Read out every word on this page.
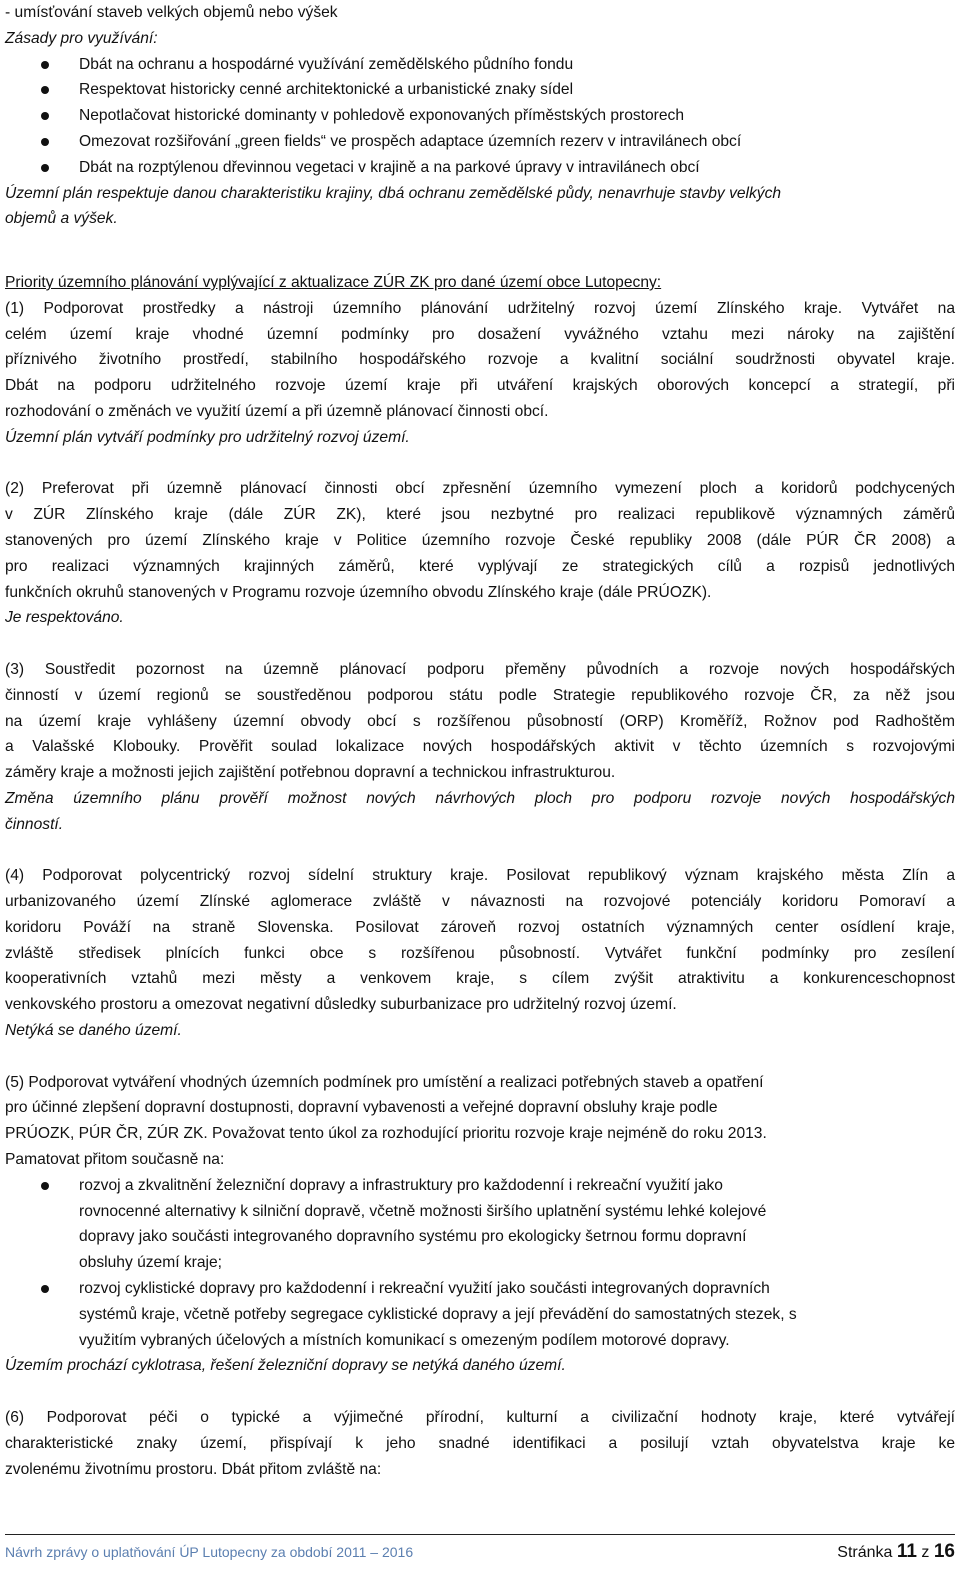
- umísťování staveb velkých objemů nebo výšek
Zásady pro využívání:
Dbát na ochranu a hospodárné využívání zemědělského půdního fondu
Respektovat historicky cenné architektonické a urbanistické znaky sídel
Nepotlačovat historické dominanty v pohledově exponovaných příměstských prostorech
Omezovat rozšiřování „green fields“ ve prospěch adaptace územních rezerv v intravilánech obcí
Dbát na rozptýlenou dřevinnou vegetaci v krajině a na parkové úpravy v intravilánech obcí
Územní plán respektuje danou charakteristiku krajiny, dbá ochranu zemědělské půdy, nenavrhuje stavby velkých
objemů a výšek.
Priority územního plánování vyplývající z aktualizace ZÚR ZK pro dané území obce Lutopecny:
(1) Podporovat prostředky a nástroji územního plánování udržitelný rozvoj území Zlínského kraje. Vytvářet na
celém území kraje vhodné územní podmínky pro dosažení vyvážného vztahu mezi nároky na zajištění
příznivého životního prostředí, stabilního hospodářského rozvoje a kvalitní sociální soudržnosti obyvatel kraje.
Dbát na podporu udržitelného rozvoje území kraje při utváření krajských oborových koncepcí a strategií, při
rozhodování o změnách ve využití území a při územně plánovací činnosti obcí.
Územní plán vytváří podmínky pro udržitelný rozvoj území.
(2) Preferovat při územně plánovací činnosti obcí zpřesnění územního vymezení ploch a koridorů podchycených
v ZÚR Zlínského kraje (dále ZÚR ZK), které jsou nezbytné pro realizaci republikově významných záměrů
stanovených pro území Zlínského kraje v Politice územního rozvoje České republiky 2008 (dále PÚR ČR 2008) a
pro realizaci významných krajinných záměrů, které vyplývají ze strategických cílů a rozpisů jednotlivých
funkčních okruhů stanovených v Programu rozvoje územního obvodu Zlínského kraje (dále PRÚOZK).
Je respektováno.
(3) Soustředit pozornost na územně plánovací podporu přeměny původních a rozvoje nových hospodářských
činností v území regionů se soustředěnou podporou státu podle Strategie republikového rozvoje ČR, za něž jsou
na území kraje vyhlášeny územní obvody obcí s rozšířenou působností (ORP) Kroměříž, Rožnov pod Radhoštěm
a Valašské Klobouky. Prověřit soulad lokalizace nových hospodářských aktivit v těchto územních s rozvojovými
záměry kraje a možnosti jejich zajištění potřebnou dopravní a technickou infrastrukturou.
Změna územního plánu prověří možnost nových návrhových ploch pro podporu rozvoje nových hospodářských
činností.
(4) Podporovat polycentrický rozvoj sídelní struktury kraje. Posilovat republikový význam krajského města Zlín a
urbanizovaného území Zlínské aglomerace zvláště v návaznosti na rozvojové potenciály koridoru Pomoraví a
koridoru Pováží na straně Slovenska. Posilovat zároveň rozvoj ostatních významných center osídlení kraje,
zvláště středisek plnících funkci obce s rozšířenou působností. Vytvářet funkční podmínky pro zesílení
kooperativních vztahů mezi městy a venkovem kraje, s cílem zvýšit atraktivitu a konkurenceschopnost
venkovského prostoru a omezovat negativní důsledky suburbanizace pro udržitelný rozvoj území.
Netýká se daného území.
(5) Podporovat vytváření vhodných územních podmínek pro umístění a realizaci potřebných staveb a opatření
pro účinné zlepšení dopravní dostupnosti, dopravní vybavenosti a veřejné dopravní obsluhy kraje podle
PRÚOZK, PÚR ČR, ZÚR ZK. Považovat tento úkol za rozhodující prioritu rozvoje kraje nejméně do roku 2013.
Pamatovat přitom současně na:
rozvoj a zkvalitnění železniční dopravy a infrastruktury pro každodenní i rekreační využití jako
rovnocenné alternativy k silniční dopravě, včetně možnosti širšího uplatnění systému lehké kolejové
dopravy jako součásti integrovaného dopravního systému pro ekologicky šetrnou formu dopravní
obsluhy území kraje;
rozvoj cyklistické dopravy pro každodenní i rekreační využití jako součásti integrovaných dopravních
systémů kraje, včetně potřeby segregace cyklistické dopravy a její převádění do samostatných stezek, s
využitím vybraných účelových a místních komunikací s omezeným podílem motorové dopravy.
Územím prochází cyklotrasa, řešení železniční dopravy se netýká daného území.
(6) Podporovat péči o typické a výjimečné přírodní, kulturní a civilizační hodnoty kraje, které vytvářejí
charakteristické znaky území, přispívají k jeho snadné identifikaci a posilují vztah obyvatelstva kraje ke
zvolenému životnímu prostoru. Dbát přitom zvláště na:
Návrh zprávy o uplatňování ÚP Lutopecny za období 2011 – 2016	Stránka 11 z 16
